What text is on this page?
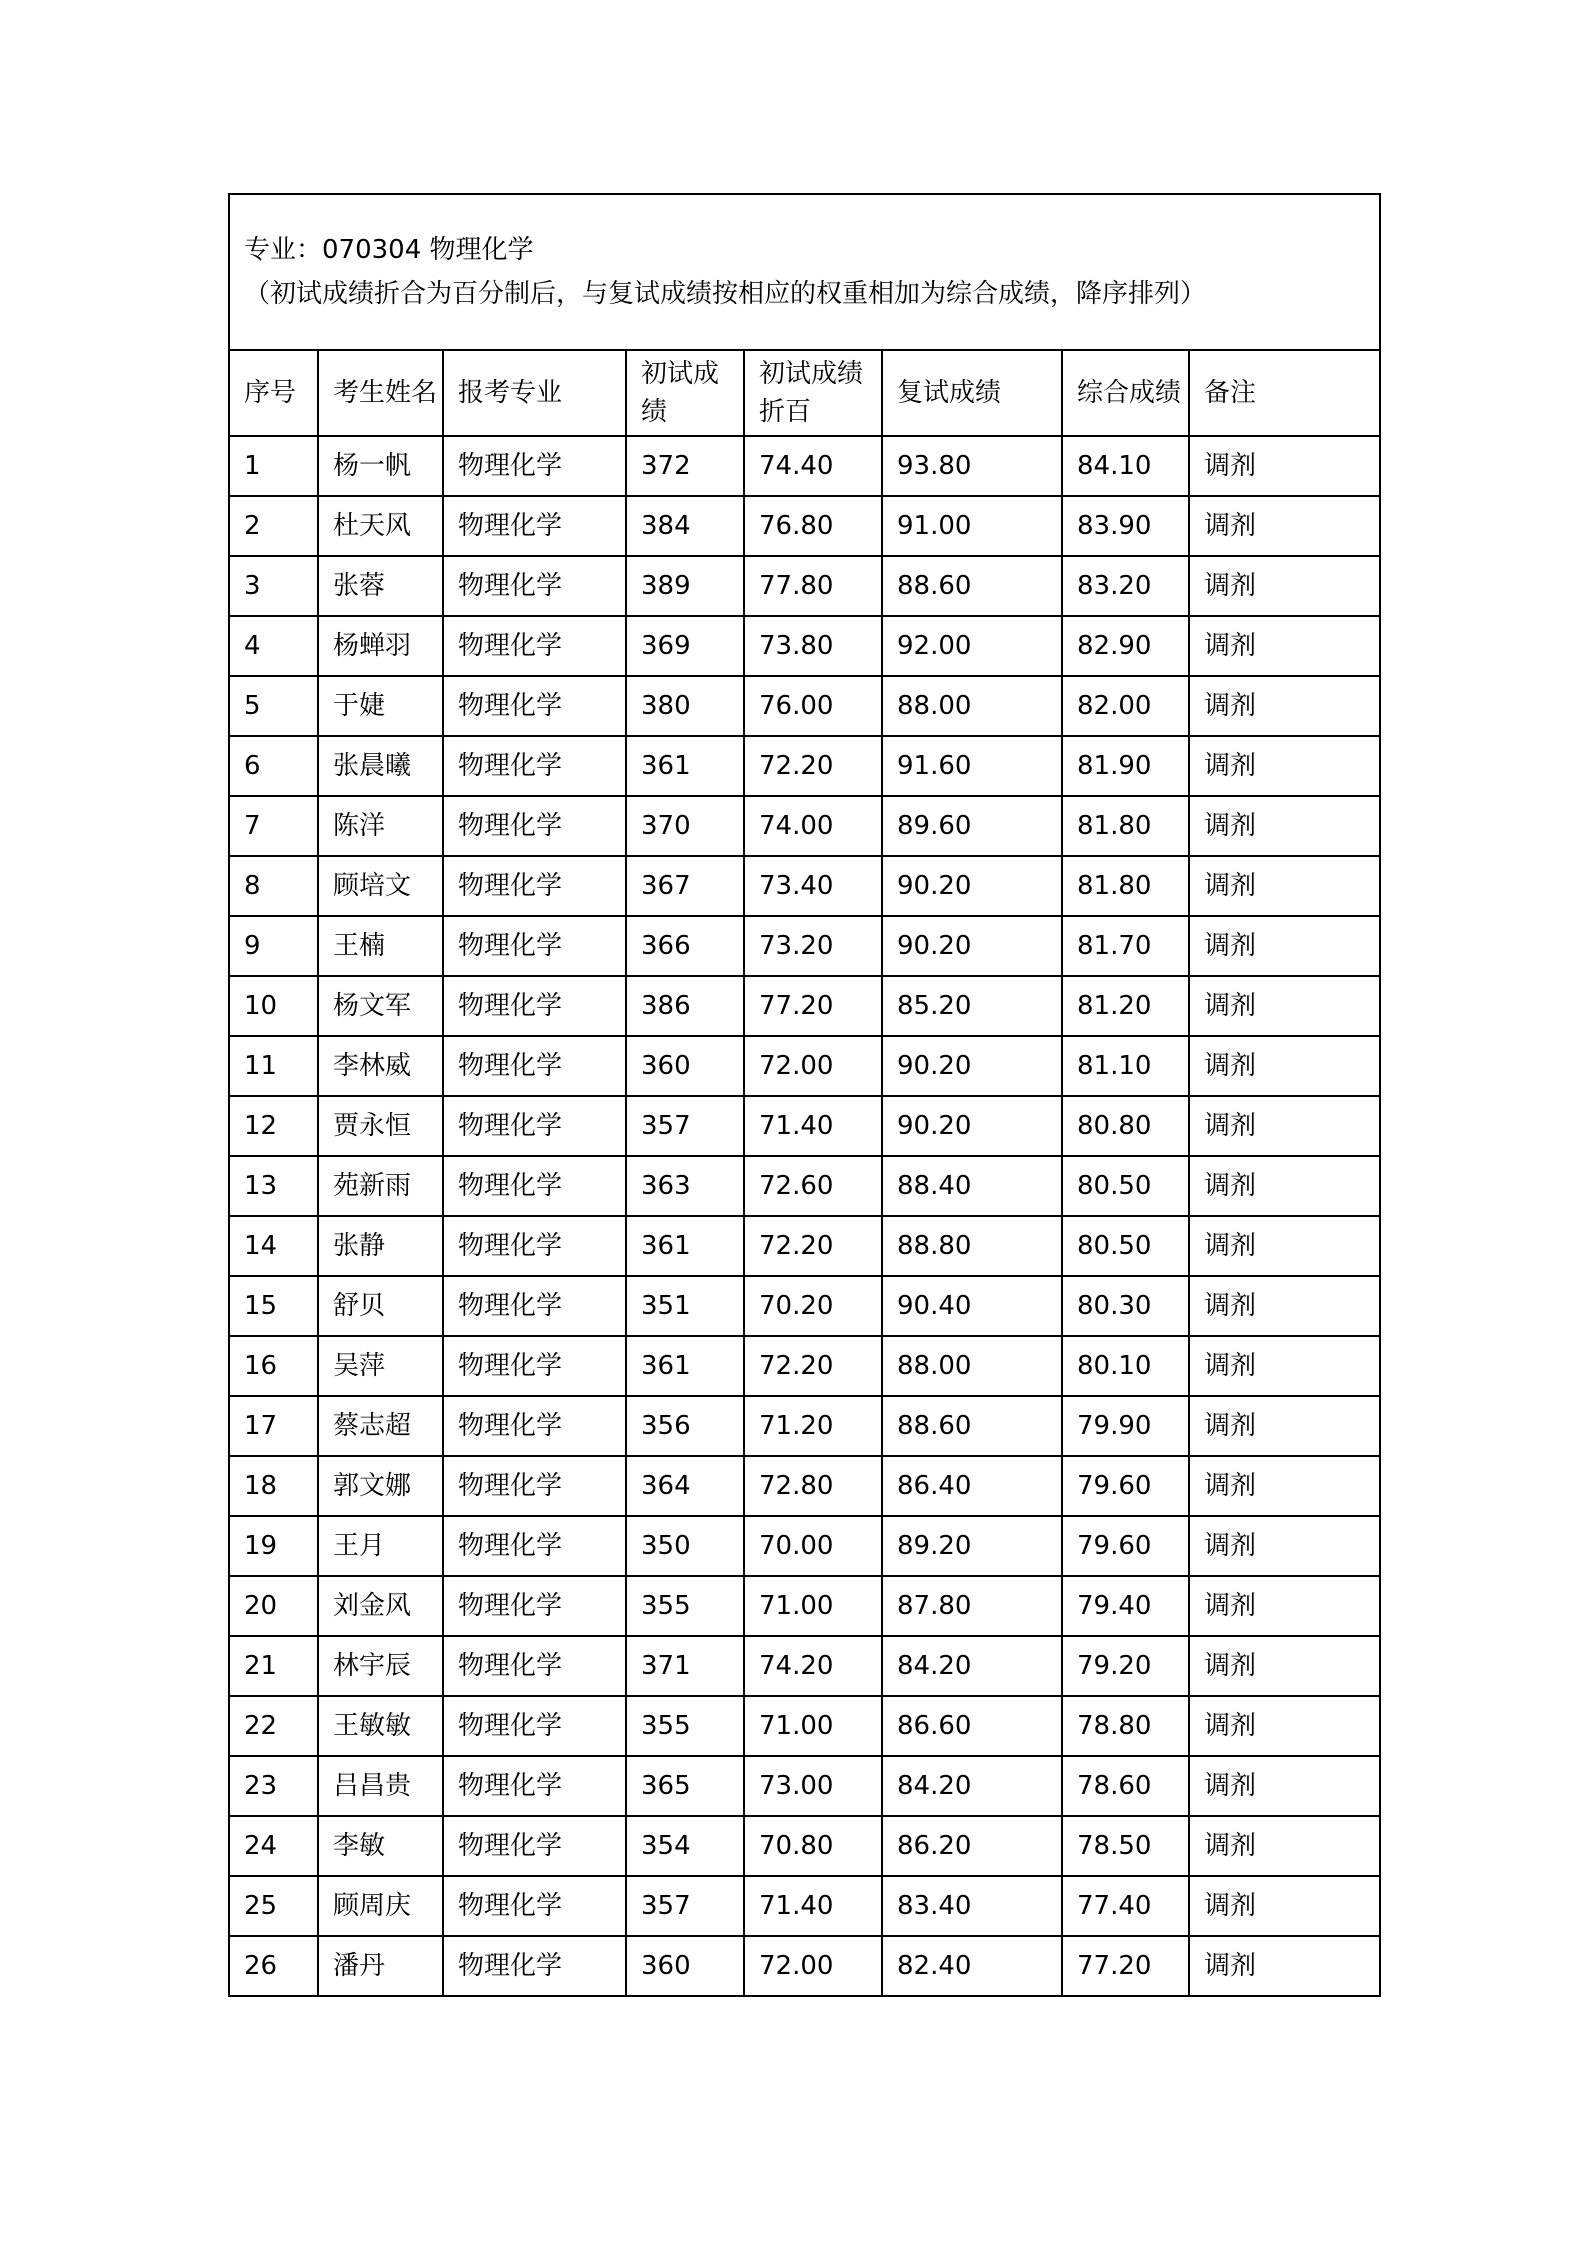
专业：070304 物理化学
（初试成绩折合为百分制后，与复试成绩按相应的权重相加为综合成绩，降序排列）							

序号	考生姓名	报考专业	初试成绩	初试成绩折百	复试成绩	综合成绩	备注
1	杨一帆	物理化学	372	74.40	93.80	84.10	调剂
2	杜天风	物理化学	384	76.80	91.00	83.90	调剂
3	张蓉	物理化学	389	77.80	88.60	83.20	调剂
4	杨蝉羽	物理化学	369	73.80	92.00	82.90	调剂
5	于婕	物理化学	380	76.00	88.00	82.00	调剂
6	张晨曦	物理化学	361	72.20	91.60	81.90	调剂
7	陈洋	物理化学	370	74.00	89.60	81.80	调剂
8	顾培文	物理化学	367	73.40	90.20	81.80	调剂
9	王楠	物理化学	366	73.20	90.20	81.70	调剂
10	杨文军	物理化学	386	77.20	85.20	81.20	调剂
11	李林威	物理化学	360	72.00	90.20	81.10	调剂
12	贾永恒	物理化学	357	71.40	90.20	80.80	调剂
13	苑新雨	物理化学	363	72.60	88.40	80.50	调剂
14	张静	物理化学	361	72.20	88.80	80.50	调剂
15	舒贝	物理化学	351	70.20	90.40	80.30	调剂
16	吴萍	物理化学	361	72.20	88.00	80.10	调剂
17	蔡志超	物理化学	356	71.20	88.60	79.90	调剂
18	郭文娜	物理化学	364	72.80	86.40	79.60	调剂
19	王月	物理化学	350	70.00	89.20	79.60	调剂
20	刘金风	物理化学	355	71.00	87.80	79.40	调剂
21	林宇辰	物理化学	371	74.20	84.20	79.20	调剂
22	王敏敏	物理化学	355	71.00	86.60	78.80	调剂
23	吕昌贵	物理化学	365	73.00	84.20	78.60	调剂
24	李敏	物理化学	354	70.80	86.20	78.50	调剂
25	顾周庆	物理化学	357	71.40	83.40	77.40	调剂
26	潘丹	物理化学	360	72.00	82.40	77.20	调剂
